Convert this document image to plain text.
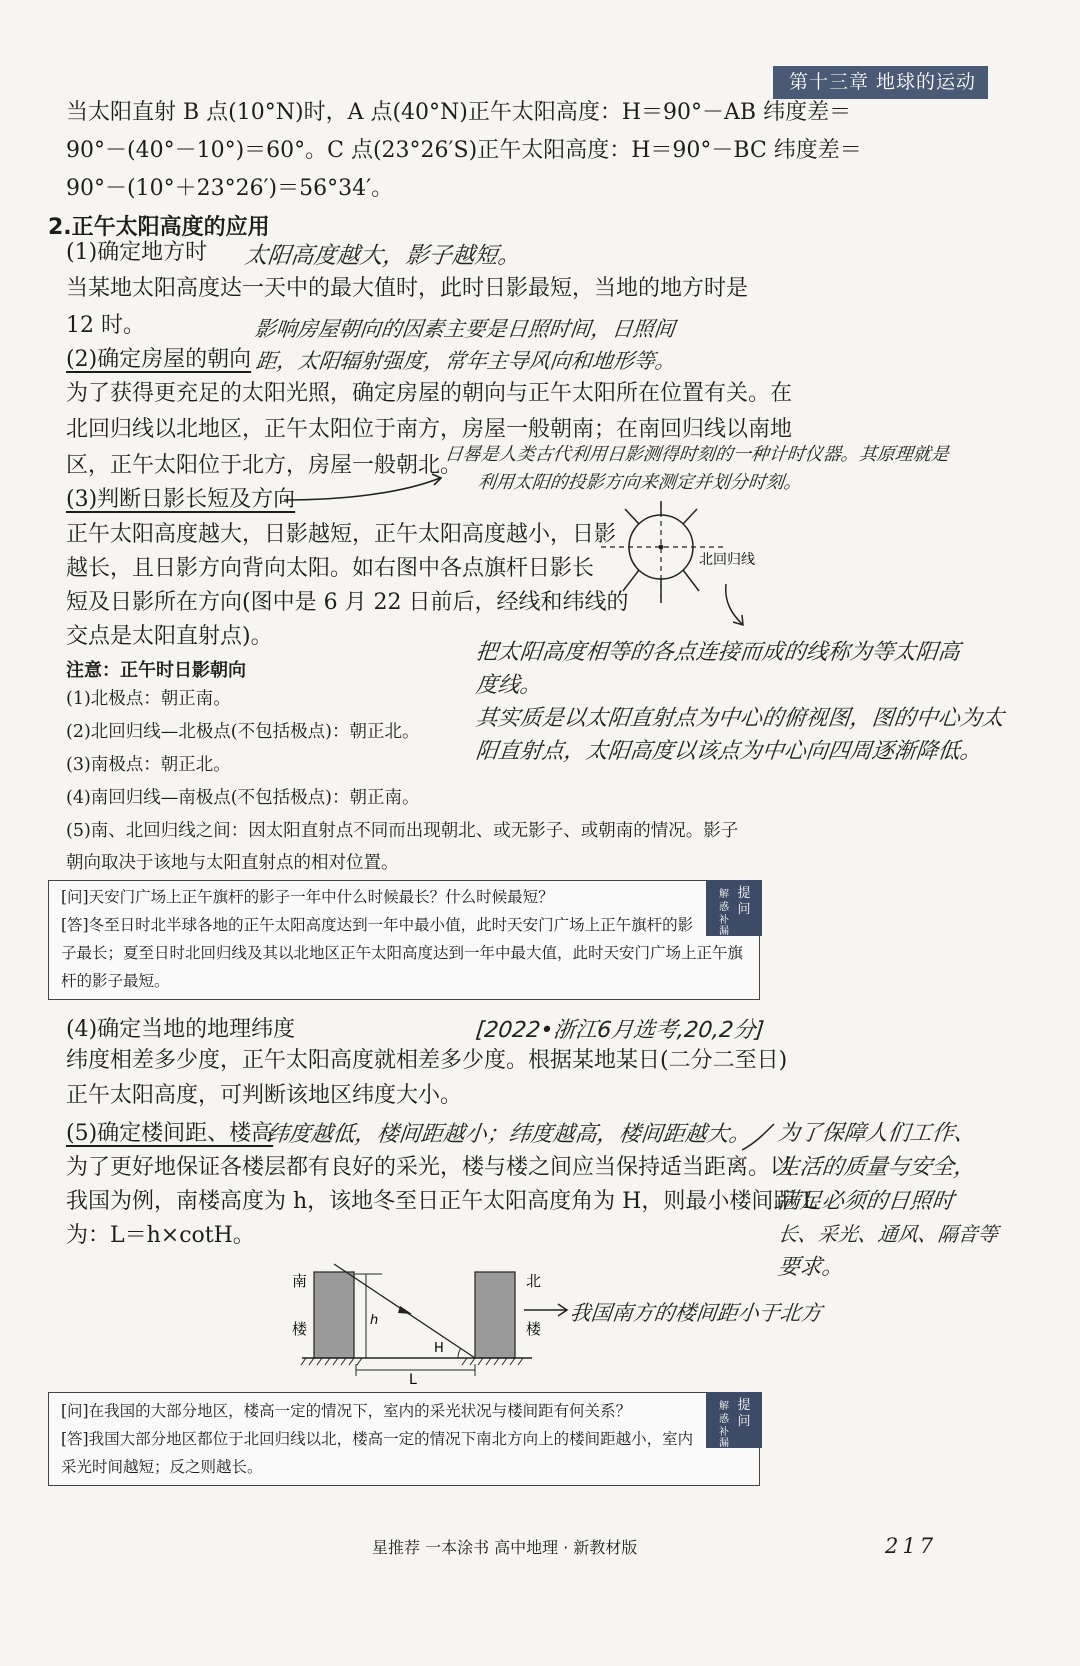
第十三章 地球的运动
当太阳直射 B 点(10°N)时，A 点(40°N)正午太阳高度：H＝90°－AB 纬度差＝
90°－(40°－10°)＝60°。C 点(23°26′S)正午太阳高度：H＝90°－BC 纬度差＝
90°－(10°＋23°26′)＝56°34′。
2.正午太阳高度的应用
(1)确定地方时 太阳高度越大，影子越短。
当某地太阳高度达一天中的最大值时，此时日影最短，当地的地方时是
12 时。	影响房屋朝向的因素主要是日照时间，日照间
(2)确定房屋的朝向 距，太阳辐射强度，常年主导风向和地形等。
为了获得更充足的太阳光照，确定房屋的朝向与正午太阳所在位置有关。在
北回归线以北地区，正午太阳位于南方，房屋一般朝南；在南回归线以南地
区，正午太阳位于北方，房屋一般朝北。
日晷是人类古代利用日影测得时刻的一种计时仪器。其原理就是
利用太阳的投影方向来测定并划分时刻。
(3)判断日影长短及方向
正午太阳高度越大，日影越短，正午太阳高度越小，日影
越长，且日影方向背向太阳。如右图中各点旗杆日影长
短及日影所在方向(图中是 6 月 22 日前后，经线和纬线的
交点是太阳直射点)。
北回归线
把太阳高度相等的各点连接而成的线称为等太阳高
度线。
其实质是以太阳直射点为中心的俯视图，图的中心为太
阳直射点，太阳高度以该点为中心向四周逐渐降低。
注意：正午时日影朝向
(1)北极点：朝正南。
(2)北回归线—北极点(不包括极点)：朝正北。
(3)南极点：朝正北。
(4)南回归线—南极点(不包括极点)：朝正南。
(5)南、北回归线之间：因太阳直射点不同而出现朝北、或无影子、或朝南的情况。影子
朝向取决于该地与太阳直射点的相对位置。
[问]天安门广场上正午旗杆的影子一年中什么时候最长？什么时候最短？
[答]冬至日时北半球各地的正午太阳高度达到一年中最小值，此时天安门广场上正午旗杆的影
子最长；夏至日时北回归线及其以北地区正午太阳高度达到一年中最大值，此时天安门广场上正午旗
杆的影子最短。
提
问
解
惑
补
漏
(4)确定当地的地理纬度	[2022•浙江6月选考,20,2分]
纬度相差多少度，正午太阳高度就相差多少度。根据某地某日(二分二至日)
正午太阳高度，可判断该地区纬度大小。
(5)确定楼间距、楼高
纬度越低，楼间距越小；纬度越高，楼间距越大。
为了更好地保证各楼层都有良好的采光，楼与楼之间应当保持适当距离。以
我国为例，南楼高度为 h，该地冬至日正午太阳高度角为 H，则最小楼间距 L
为：L＝h×cotH。
为了保障人们工作、
生活的质量与安全，
满足必须的日照时
长、采光、通风、隔音等
要求。
南
楼
北
楼
h
H
L
我国南方的楼间距小于北方
[问]在我国的大部分地区，楼高一定的情况下，室内的采光状况与楼间距有何关系？
[答]我国大部分地区都位于北回归线以北，楼高一定的情况下南北方向上的楼间距越小，室内
采光时间越短；反之则越长。
提
问
解
惑
补
漏
星推荐 一本涂书 高中地理 · 新教材版	217
